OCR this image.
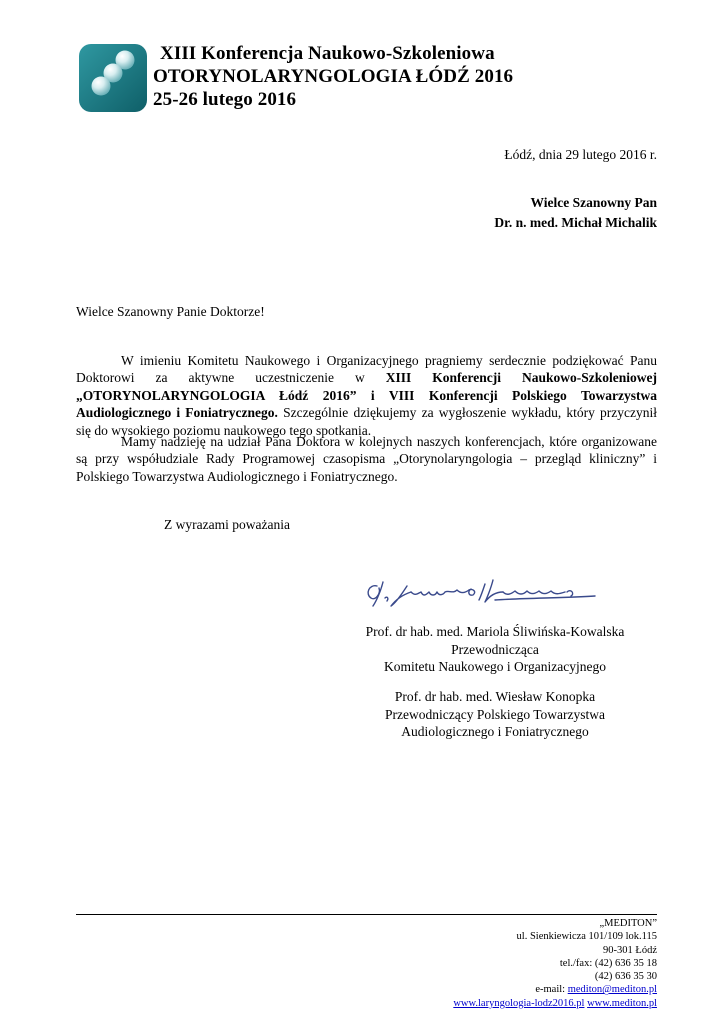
XIII Konferencja Naukowo-Szkoleniowa
OTORYNOLARYNGOLOGIA ŁÓDŹ 2016
25-26 lutego 2016
Łódź, dnia 29 lutego 2016 r.
Wielce Szanowny Pan
Dr. n. med. Michał Michalik
Wielce Szanowny Panie Doktorze!

W imieniu Komitetu Naukowego i Organizacyjnego pragniemy serdecznie podziękować Panu Doktorowi za aktywne uczestniczenie w XIII Konferencji Naukowo-Szkoleniowej „OTORYNOLARYNGOLOGIA Łódź 2016” i VIII Konferencji Polskiego Towarzystwa Audiologicznego i Foniatrycznego. Szczególnie dziękujemy za wygłoszenie wykładu, który przyczynił się do wysokiego poziomu naukowego tego spotkania.

Mamy nadzieję na udział Pana Doktora w kolejnych naszych konferencjach, które organizowane są przy współudziale Rady Programowej czasopisma „Otorynolaryngologia – przegląd kliniczny” i Polskiego Towarzystwa Audiologicznego i Foniatrycznego.

Z wyrazami poważania
Prof. dr hab. med. Mariola Śliwińska-Kowalska
Przewodnicząca
Komitetu Naukowego i Organizacyjnego
Prof. dr hab. med. Wiesław Konopka
Przewodniczący Polskiego Towarzystwa
Audiologicznego i Foniatrycznego
„MEDITON”
ul. Sienkiewicza 101/109 lok.115
90-301 Łódź
tel./fax: (42) 636 35 18
(42) 636 35 30
e-mail: mediton@mediton.pl
www.laryngologia-lodz2016.pl www.mediton.pl
